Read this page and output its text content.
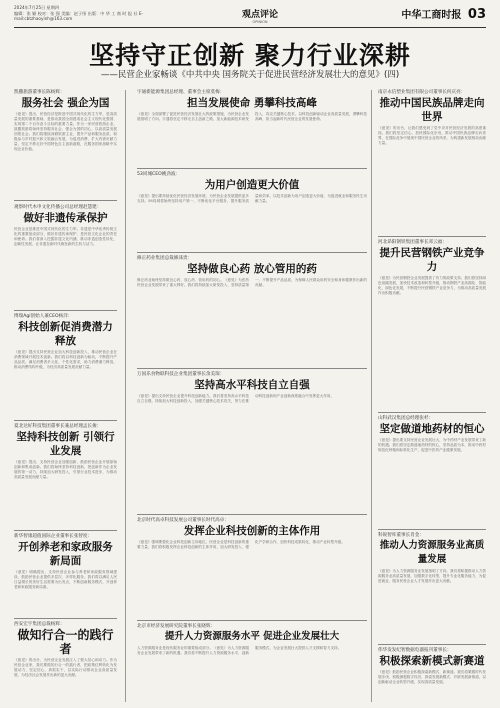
2024年7月25日 星期四
编辑：张 颖 校对：张 强 美编：赵子彤 出版：中 华 工 商 时 报 社 E-mail:cbtzhaoyinh@163.com	观点评论
OPINION
中华工商时报 03
坚持守正创新 聚力行业深耕
——民营企业家畅谈《中共中央 国务院关于促进民营经济发展壮大的意见》(四)
凯撒旅游董事长陈杨辉：
服务社会 强企为国
《意见》提出，民营经济是推进中国式现代化的生力军，是高质量发展的重要基础，是推动我国全面建成社会主义现代化强国、实现第二个百年奋斗目标的重要力量。作为一家民营旅游企业，凯撒旅游将始终坚持服务社会、强企为国的初心，以高质量发展回报社会。我们将继续深耕旅游主业，提升产品和服务品质，积极参与乡村振兴和文旅融合发展，为促进消费、扩大内需贡献力量，坚定不移走好中国特色自主创新道路，在服务国家战略中实现企业价值。
观察时代木申文化传播公司总经理赵慧建：
做好非遗传承保护
民营企业是推进中国式现代化的生力军。非遗是中华优秀传统文化的重要组成部分，做好非遗传承保护，是民营文化企业的责任和使命。我们将深入挖掘非遗文化内涵，推动非遗创造性转化、创新性发展，让非遗在新时代焕发新的生机与活力。
博瑞Agi创始人兼CEO杨洋：
科技创新促消费潜力释放
《意见》提出支持民营企业加大科技创新投入，推动民营企业在消费领域开展技术创新。我们将以科技创新为驱动，不断提升产品品质，满足消费者多元化、个性化需求，助力消费潜力释放，推动消费结构升级，为经济高质量发展贡献力量。
夏北达好科技集团董事长兼总经理孟长俊：
坚持科技创新 引领行业发展
《意见》提出，支持民营企业加强创新，鼓励民营企业开展原始创新和集成创新。我们将始终坚持科技创新，把创新作为企业发展的第一动力，持续加大研发投入，引领行业技术进步，为推动高质量发展贡献力量。
新华智康超值国际企业董事长张智度：
开创养老和家政服务新局面
《意见》明确提出，支持民营企业参与养老和家政服务领域建设，鼓励民营企业提供多层次、多样化服务。我们将以满足人民日益增长的美好生活需要为出发点，不断创新服务模式，开创养老和家政服务新局面。
西安宏宇集团总裁杨辉：
做知行合一的践行者
《意见》的出台，为民营企业发展注入了强大信心和动力。作为民营企业家，我们要做知行合一的践行者，把政策红利转化为发展动力，坚定信心、真抓实干，以实际行动推动企业高质量发展，为经济社会发展作出新的更大贡献。
宇通新能源集团总经理、董事会主席莫梅：
担当发展使命 勇攀科技高峰
《意见》全面部署了促进民营经济发展壮大的政策措施，为民营企业发展指明了方向。宇通将坚定不移走自主创新之路，加大新能源技术研发投入，攻克关键核心技术，以科技创新驱动企业高质量发展，勇攀科技高峰，担当起新时代民营企业的发展使命。
53同城CEO姚劲波：
为用户创造更大价值
《意见》提出要持续优化民营经济发展环境，为民营企业发展提供更多支持。58同城将始终坚持用户第一，不断优化平台服务，提升服务质量和效率，以技术创新为用户创造更大价值，为促进就业和服务民生贡献力量。
修正药业集团总裁修涞贵：
坚持做良心药 放心管用的药
修正药业始终坚持做良心药、放心药、管用药的初心。《意见》为医药民营企业发展带来了重大利好。我们将持续加大研发投入，坚持质量第一，不断提升产品品质，为保障人民群众用药安全和身体健康作出新的贡献。
万国乐食物联科技企业集团董事长余美琛：
坚持高水平科技自立自强
《意见》提出支持民营企业提升科技创新能力。我们将坚持高水平科技自立自强，持续加大科技创新投入，加强关键核心技术攻关，努力在推动科技创新和产业创新深度融合中发挥更大作用。
北京时代高卓科技发展公司董事长时代高卓：
发挥企业科技创新的主体作用
《意见》强调要强化企业科技创新主体地位。民营企业是科技创新的重要力量，我们将积极发挥企业科技创新的主体作用，加大研发投入，强化产学研合作，加快科技成果转化，推动产业转型升级。
北京市经济发展研究院董事长张晓辉：
提升人力资源服务水平 促进企业发展壮大
人力资源服务业是现代服务业的重要组成部分。《意见》为人力资源服务企业发展带来了新的机遇。我们将不断提升人力资源服务水平，创新服务模式，为企业发展壮大提供人才支撑和智力支持。
南京永信塑业集团有限公司董事长何庆亮：
推动中国民族品牌走向世界
《意见》的出台，让我们感受到了党中央对民营经济发展的高度重视。我们将坚定信心，加快国际化步伐，推动中国民族品牌走向世界，在国际竞争中展现中国民营企业的风采，为构建新发展格局贡献力量。
河北昂阳钢铁集团董事长邓云福：
提升民营钢铁产业竞争力
《意见》为民营钢铁企业发展提供了有力的政策支持。我们将坚持绿色低碳发展，加快技术改造和转型升级，推动钢铁产业高端化、智能化、绿色化发展，不断提升民营钢铁产业竞争力，为推动高质量发展作出积极贡献。
山科武汉集团总经理张杉：
坚定做道地药材的恒心
《意见》提出要支持民营企业发展壮大，为中药材产业发展带来了新的机遇。我们将坚定做道地药材的恒心，坚持品质为本，推动中药材规范化种植和标准化生产，促进中医药产业健康发展。
科锐智库董事长肖金：
推动人力资源服务业高质量发展
《意见》为人力资源服务业发展指明了方向。我们将积极推动人力资源服务业高质量发展，加强数字化转型，提升专业化服务能力，为促进就业、服务民营企业人才发展作出更大贡献。
伟华发发纪智数据电器报刊董事长：
积极探索新模式新赛道
《意见》鼓励民营企业积极探索新模式、新赛道。我们将紧跟时代发展步伐，积极拥抱数字经济，探索发展新模式、开辟发展新赛道，以创新驱动企业转型升级，实现高质量发展。
